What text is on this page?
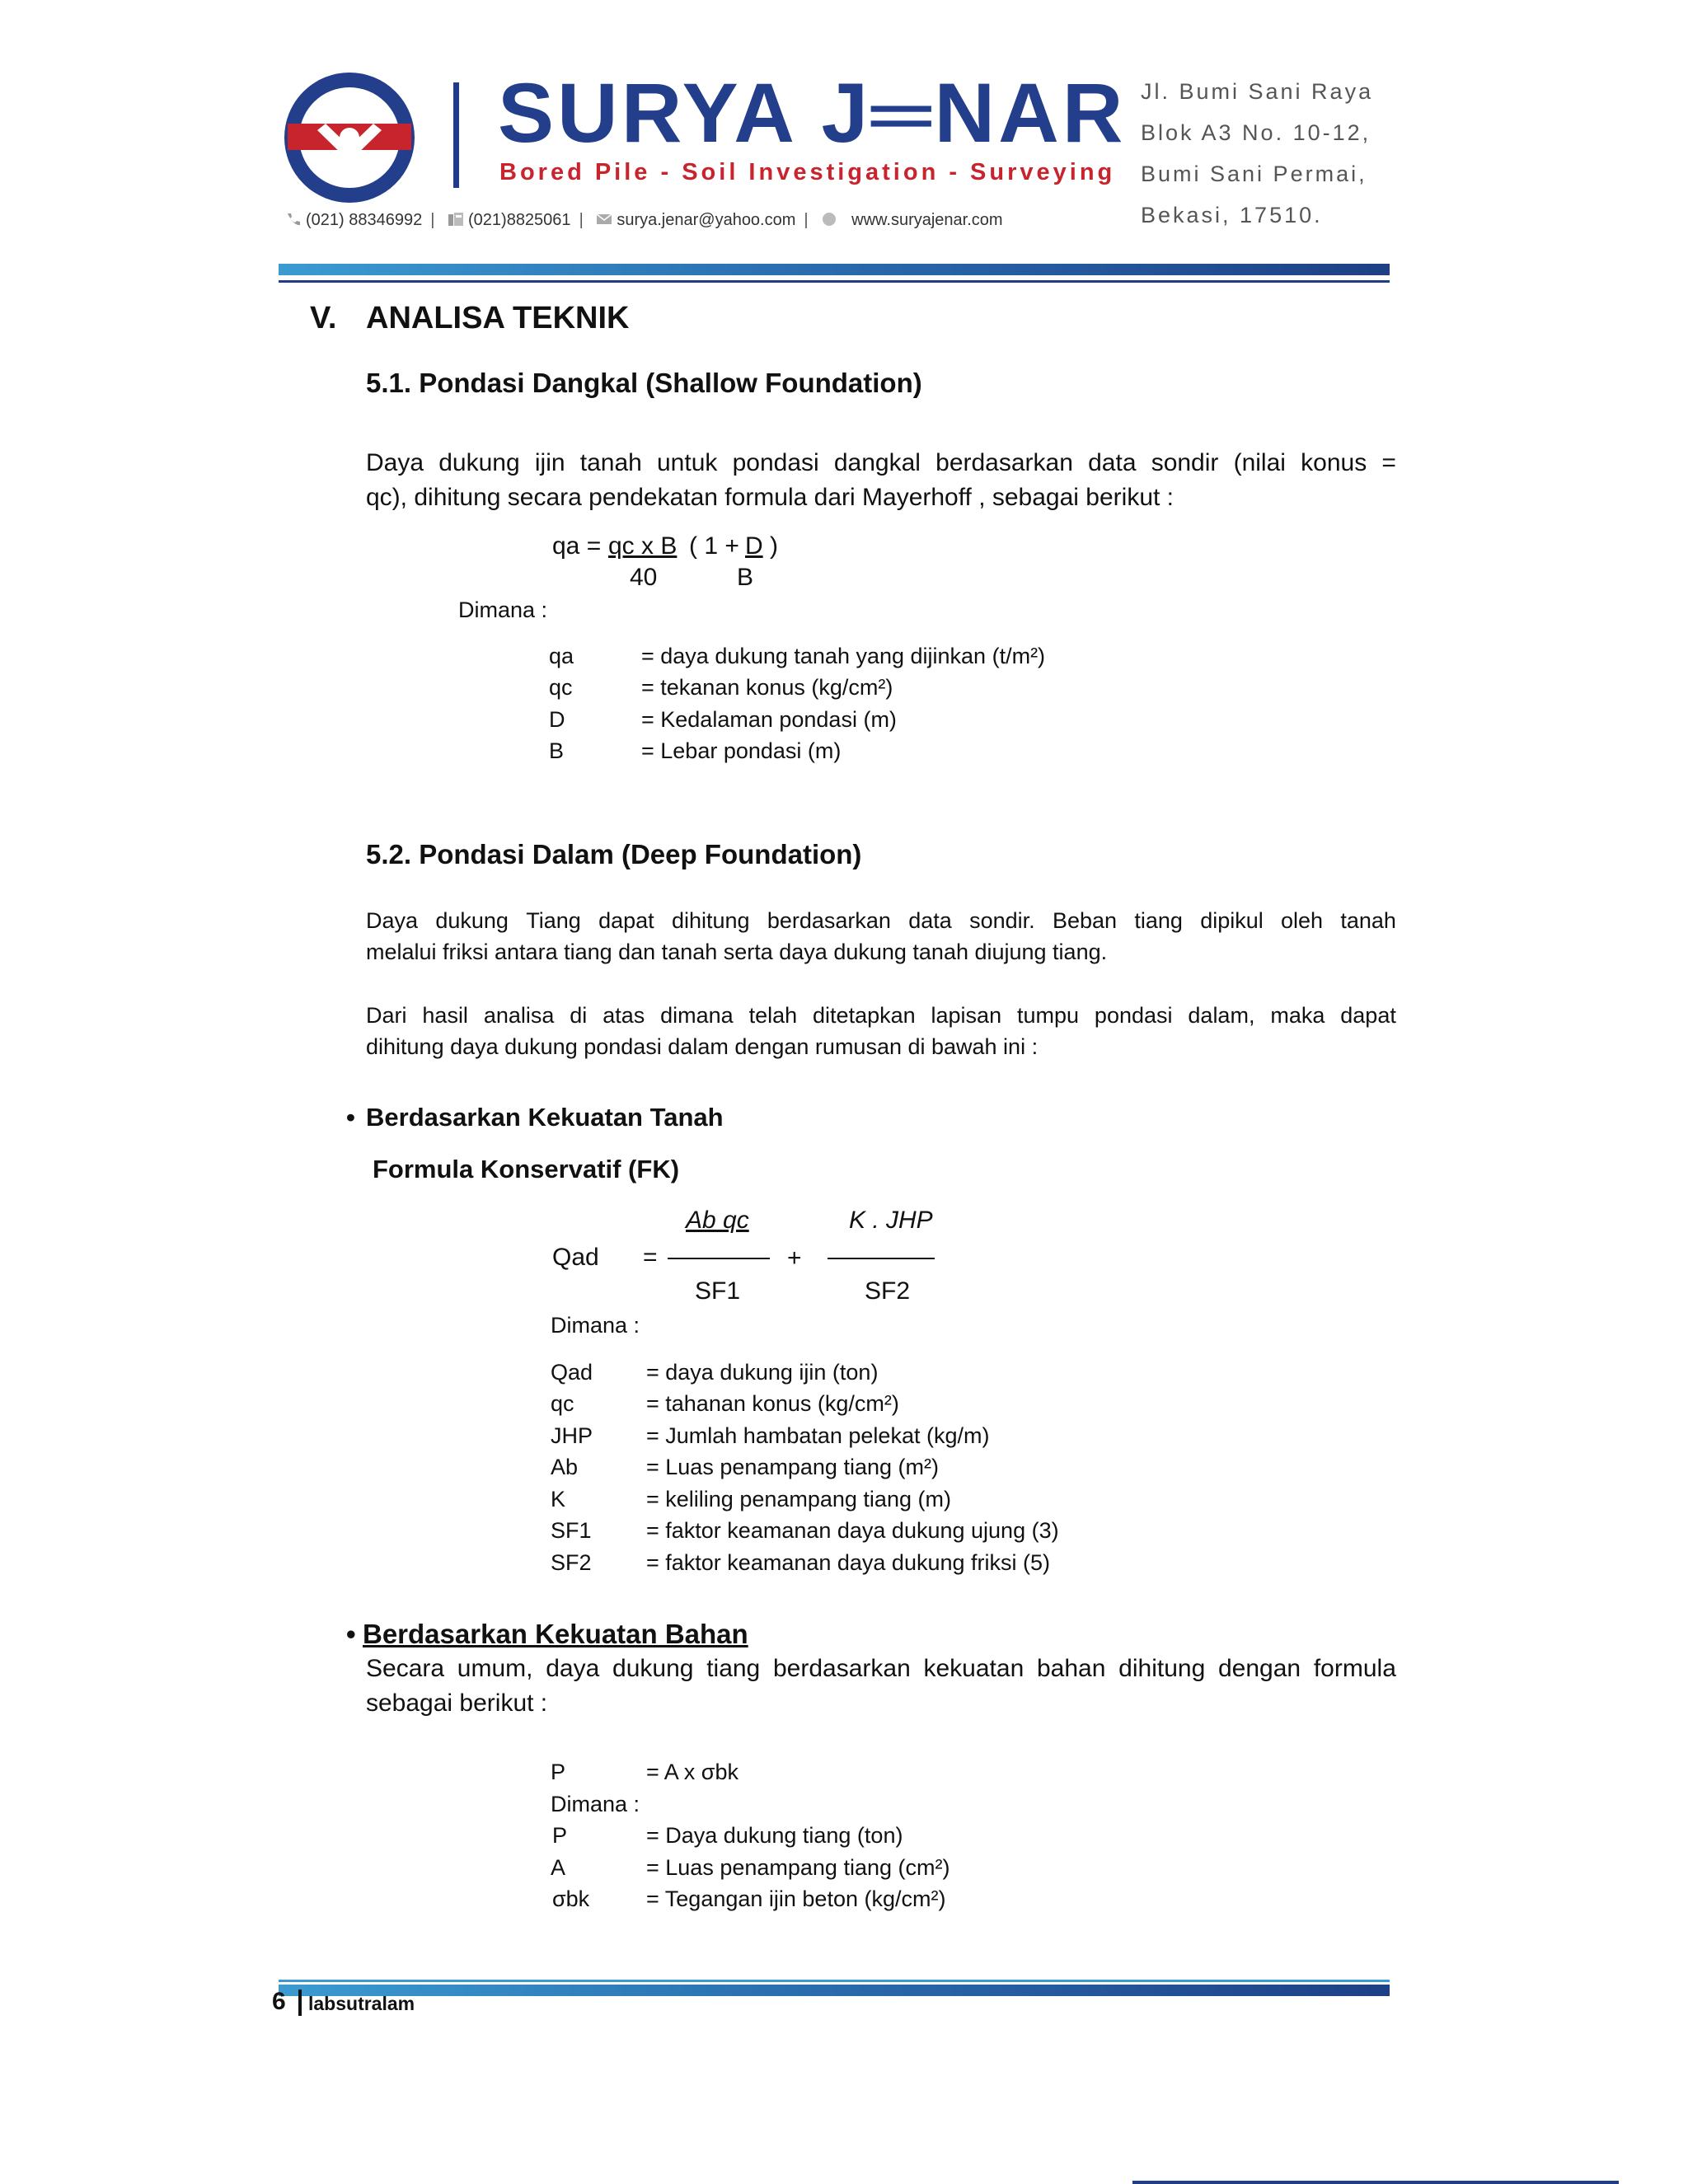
SURYA J═NAR
Bored Pile - Soil Investigation - Surveying
(021) 88346992 | (021)8825061 | surya.jenar@yahoo.com |	www.suryajenar.com
Jl. Bumi Sani Raya
Blok A3 No. 10-12,
Bumi Sani Permai,
Bekasi, 17510.
V. ANALISA TEKNIK
5.1. Pondasi Dangkal (Shallow Foundation)
Daya dukung ijin tanah untuk pondasi dangkal berdasarkan data sondir (nilai konus =
qc), dihitung secara pendekatan formula dari Mayerhoff , sebagai berikut :
qa = qc x B ( 1 + D )
40	B
Dimana :
qa	= daya dukung tanah yang dijinkan (t/m²)
qc	= tekanan konus (kg/cm²)
D	= Kedalaman pondasi (m)
B	= Lebar pondasi (m)
5.2. Pondasi Dalam (Deep Foundation)
Daya dukung Tiang dapat dihitung berdasarkan data sondir. Beban tiang dipikul oleh tanah
melalui friksi antara tiang dan tanah serta daya dukung tanah diujung tiang.
Dari hasil analisa di atas dimana telah ditetapkan lapisan tumpu pondasi dalam, maka dapat
dihitung daya dukung pondasi dalam dengan rumusan di bawah ini :
• Berdasarkan Kekuatan Tanah
Formula Konservatif (FK)
Qad =
Ab qc
SF1
+
K . JHP
SF2
Dimana :
Qad = daya dukung ijin (ton)
qc	= tahanan konus (kg/cm²)
JHP = Jumlah hambatan pelekat (kg/m)
Ab	= Luas penampang tiang (m²)
K	= keliling penampang tiang (m)
SF1 = faktor keamanan daya dukung ujung (3)
SF2 = faktor keamanan daya dukung friksi (5)
• Berdasarkan Kekuatan Bahan
Secara umum, daya dukung tiang berdasarkan kekuatan bahan dihitung dengan formula
sebagai berikut :
P	= A x σbk
Dimana :
P	= Daya dukung tiang (ton)
A	= Luas penampang tiang (cm²)
σbk	= Tegangan ijin beton (kg/cm²)
6 labsutralam
